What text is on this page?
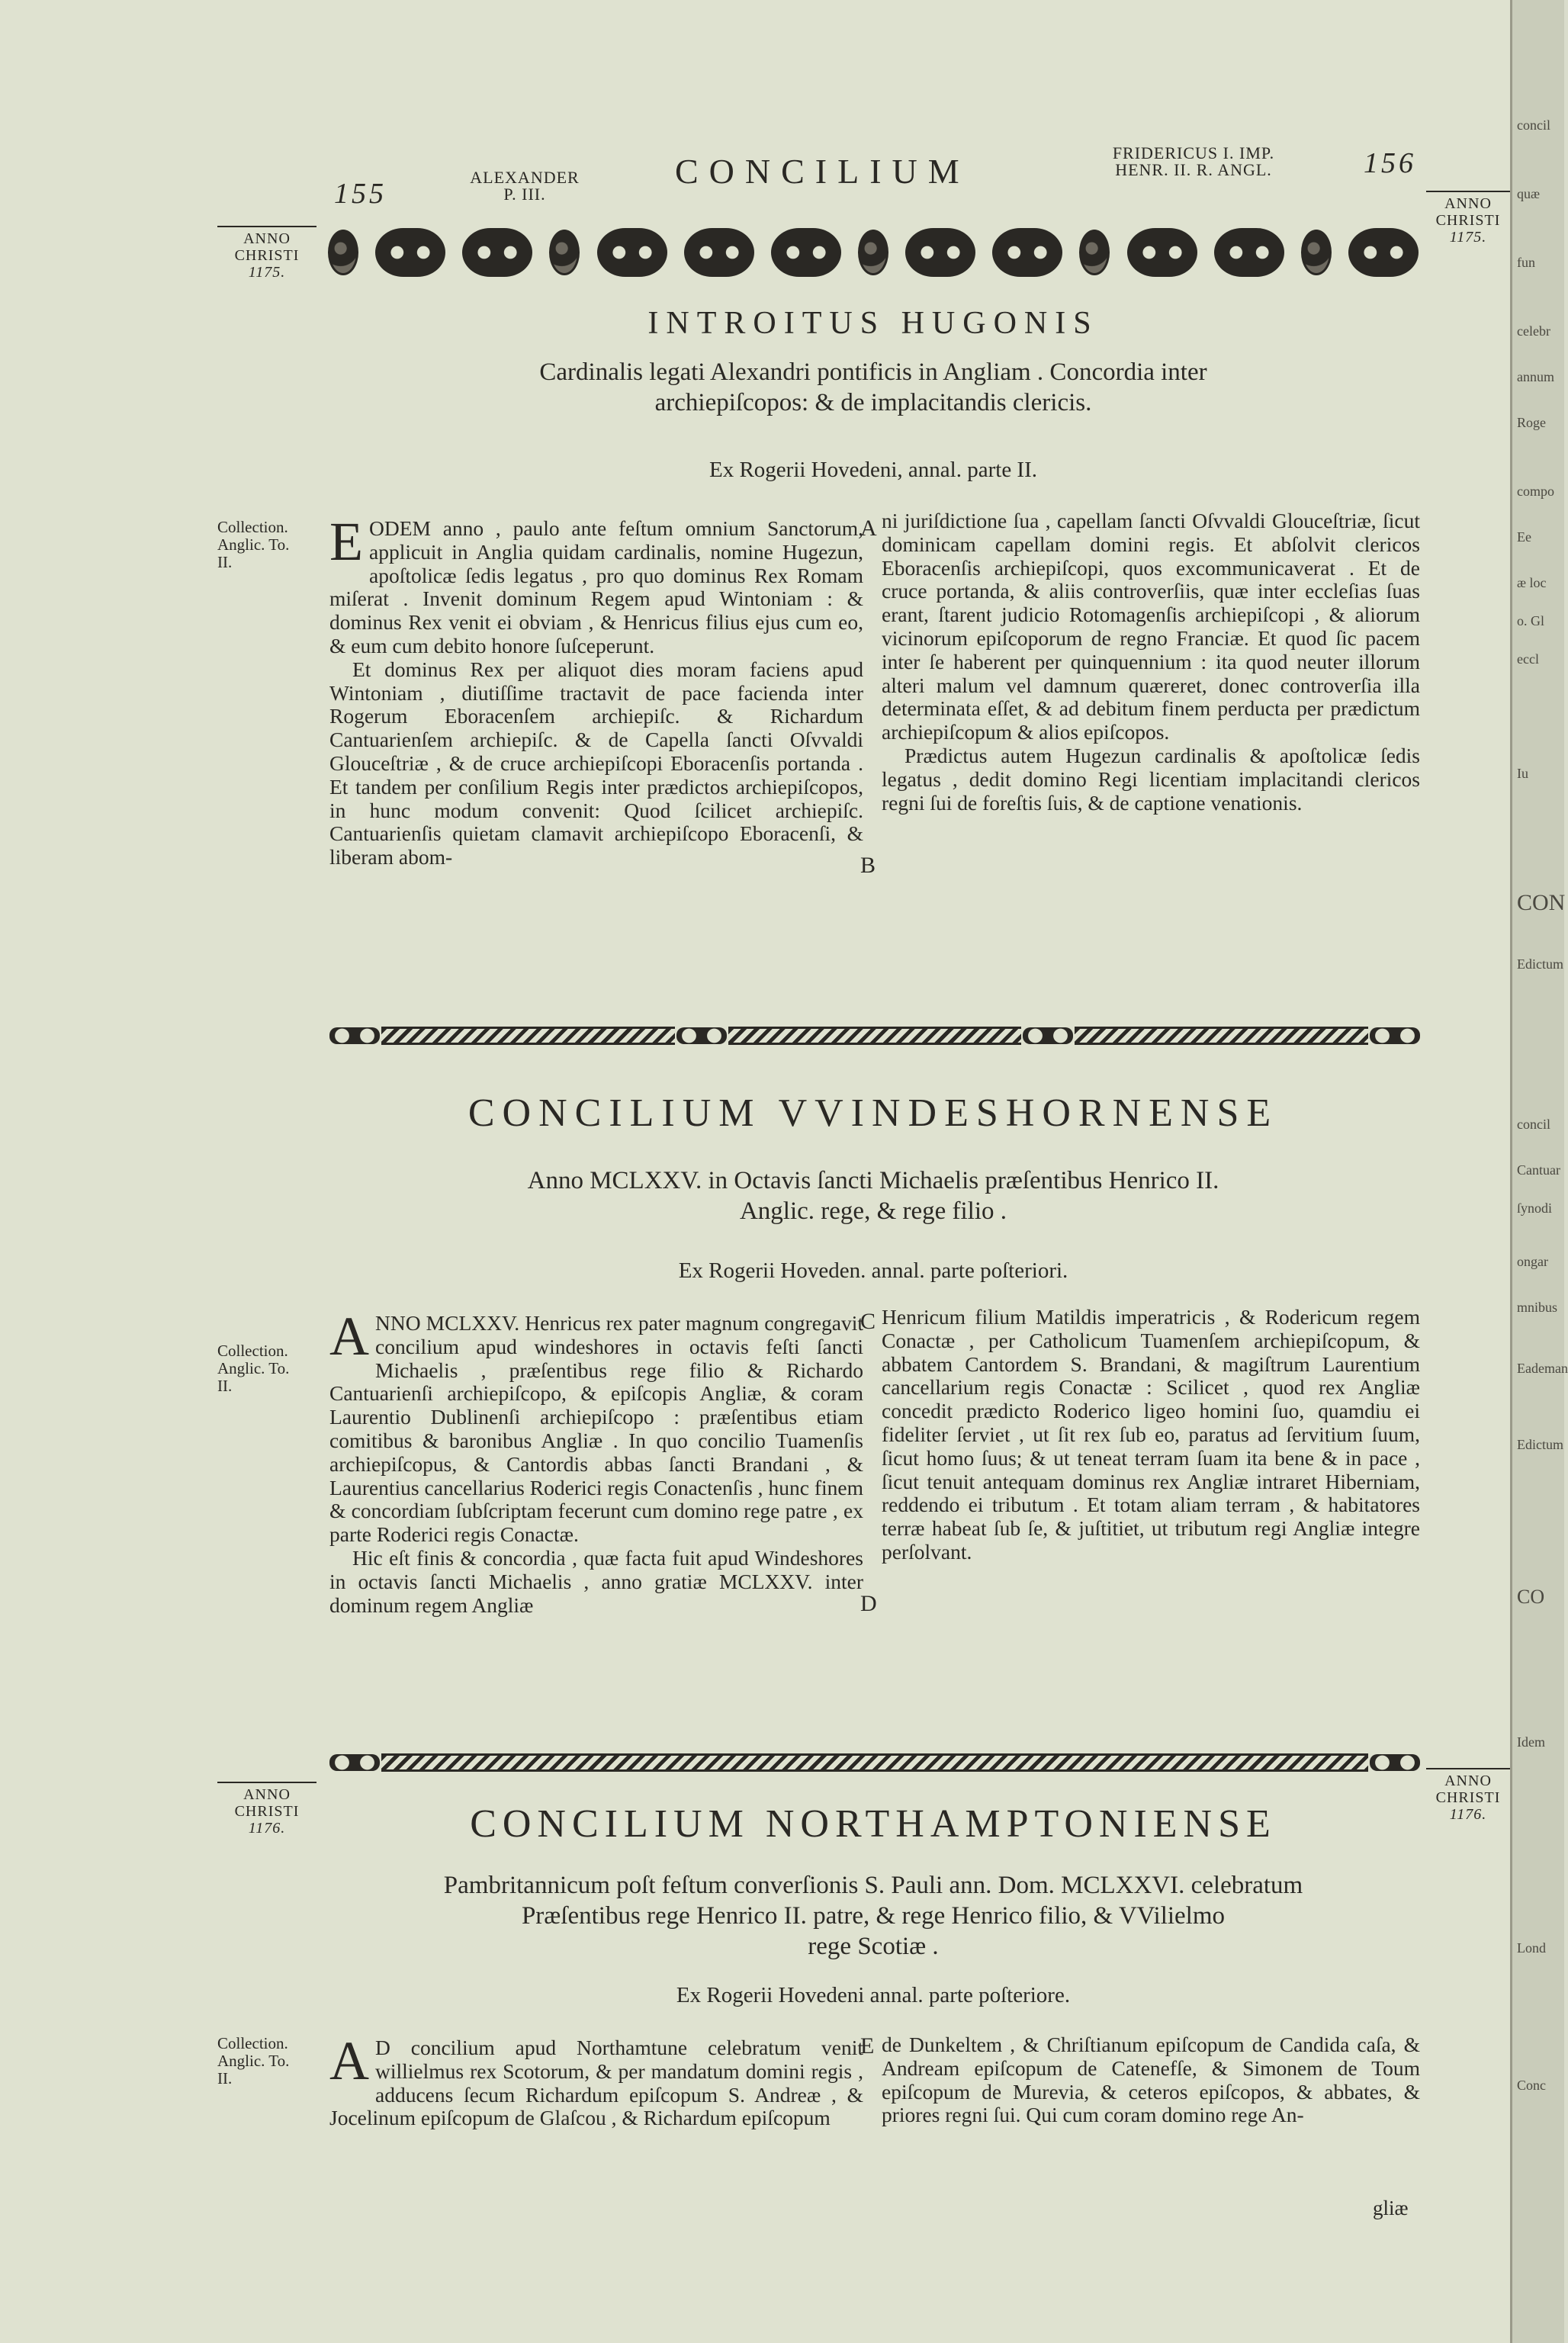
155
ALEXANDER
P. III.
CONCILIUM	FRIDERICUS I. IMP.
HENR. II. R. ANGL.	156
ANNO
CHRISTI
1175.
ANNO
CHRISTI
1175.
INTROITUS HUGONIS
Cardinalis legati Alexandri pontificis in Angliam . Concordia inter
archiepiſcopos: & de implacitandis clericis.
Ex Rogerii Hovedeni, annal. parte II.
Collection.
Anglic. To.
II.	EODEM anno , paulo ante feſtum omnium Sanctorum, applicuit in Anglia quidam cardinalis, nomine Hugezun, apoſtolicæ ſedis legatus , pro quo dominus Rex Romam miſerat . Invenit dominum Regem apud Wintoniam : & dominus Rex venit ei obviam , & Henricus filius ejus cum eo, & eum cum debito honore ſuſceperunt.

Et dominus Rex per aliquot dies moram faciens apud Wintoniam , diutiſſime tractavit de pace facienda inter Rogerum Eboracenſem archiepiſc. & Richardum Cantuarienſem archiepiſc. & de Capella ſancti Oſvvaldi Glouceſtriæ , & de cruce archiepiſcopi Eboracenſis portanda . Et tandem per conſilium Regis inter prædictos archiepiſcopos, in hunc modum convenit: Quod ſcilicet archiepiſc. Cantuarienſis quietam clamavit archiepiſcopo Eboracenſi, & liberam abom-

A
B

ni juriſdictione ſua , capellam ſancti Oſvvaldi Glouceſtriæ, ſicut dominicam capellam domini regis. Et abſolvit clericos Eboracenſis archiepiſcopi, quos excommunicaverat . Et de cruce portanda, & aliis controverſiis, quæ inter eccleſias ſuas erant, ſtarent judicio Rotomagenſis archiepiſcopi , & aliorum vicinorum epiſcoporum de regno Franciæ. Et quod ſic pacem inter ſe haberent per quinquennium : ita quod neuter illorum alteri malum vel damnum quæreret, donec controverſia illa determinata eſſet, & ad debitum finem perducta per prædictum archiepiſcopum & alios epiſcopos.

Prædictus autem Hugezun cardinalis & apoſtolicæ ſedis legatus , dedit domino Regi licentiam implacitandi clericos regni ſui de foreſtis ſuis, & de captione venationis.

CONCILIUM VVINDESHORNENSE
Anno MCLXXV. in Octavis ſancti Michaelis præſentibus Henrico II.
Anglic. rege, & rege filio .
Ex Rogerii Hoveden. annal. parte poſteriori.
Collection.
Anglic. To.
II.

ANNO MCLXXV. Henricus rex pater magnum congregavit concilium apud windeshores in octavis feſti ſancti Michaelis , præſentibus rege filio & Richardo Cantuarienſi archiepiſcopo, & epiſcopis Angliæ, & coram Laurentio Dublinenſi archiepiſcopo : præſentibus etiam comitibus & baronibus Angliæ . In quo concilio Tuamenſis archiepiſcopus, & Cantordis abbas ſancti Brandani , & Laurentius cancellarius Roderici regis Conactenſis , hunc finem & concordiam ſubſcriptam fecerunt cum domino rege patre , ex parte Roderici regis Conactæ.

Hic eſt finis & concordia , quæ facta fuit apud Windeshores in octavis ſancti Michaelis , anno gratiæ MCLXXV. inter dominum regem Angliæ

C
D

Henricum filium Matildis imperatricis , & Rodericum regem Conactæ , per Catholicum Tuamenſem archiepiſcopum, & abbatem Cantordem S. Brandani, & magiſtrum Laurentium cancellarium regis Conactæ : Scilicet , quod rex Angliæ concedit prædicto Roderico ligeo homini ſuo, quamdiu ei fideliter ſerviet , ut ſit rex ſub eo, paratus ad ſervitium ſuum, ſicut homo ſuus; & ut teneat terram ſuam ita bene & in pace , ſicut tenuit antequam dominus rex Angliæ intraret Hiberniam, reddendo ei tributum . Et totam aliam terram , & habitatores terræ habeat ſub ſe, & juſtitiet, ut tributum regi Angliæ integre perſolvant.

ANNO
CHRISTI
1176.
ANNO
CHRISTI
1176.
CONCILIUM NORTHAMPTONIENSE
Pambritannicum poſt feſtum converſionis S. Pauli ann. Dom. MCLXXVI. celebratum
Præſentibus rege Henrico II. patre, & rege Henrico filio, & VVilielmo
rege Scotiæ .
Ex Rogerii Hovedeni annal. parte poſteriore.
Collection.
Anglic. To.
II.	A D concilium apud Northamtune celebratum venit willielmus rex Scotorum, & per mandatum domini regis , adducens ſecum Richardum epiſcopum S. Andreæ , & Jocelinum epiſcopum de Glaſcou , & Richardum epiſcopum

E de Dunkeltem , & Chriſtianum epiſcopum de Candida caſa, & Andream epiſcopum de Catenefſe, & Simonem de Toum epiſcopum de Murevia, & ceteros epiſcopos, & abbates, & priores regni ſui. Qui cum coram domino rege An-

gliæ
concil
quæ
fun
celebr
annum
Roge
compo
Ee
æ loc
o. Gl
eccl
Iu
CON
Edictum
concil
Cantuar
ſynodi
ongar
mnibus
CO
Eademan
Idem
Edictum
Lond
Conc
